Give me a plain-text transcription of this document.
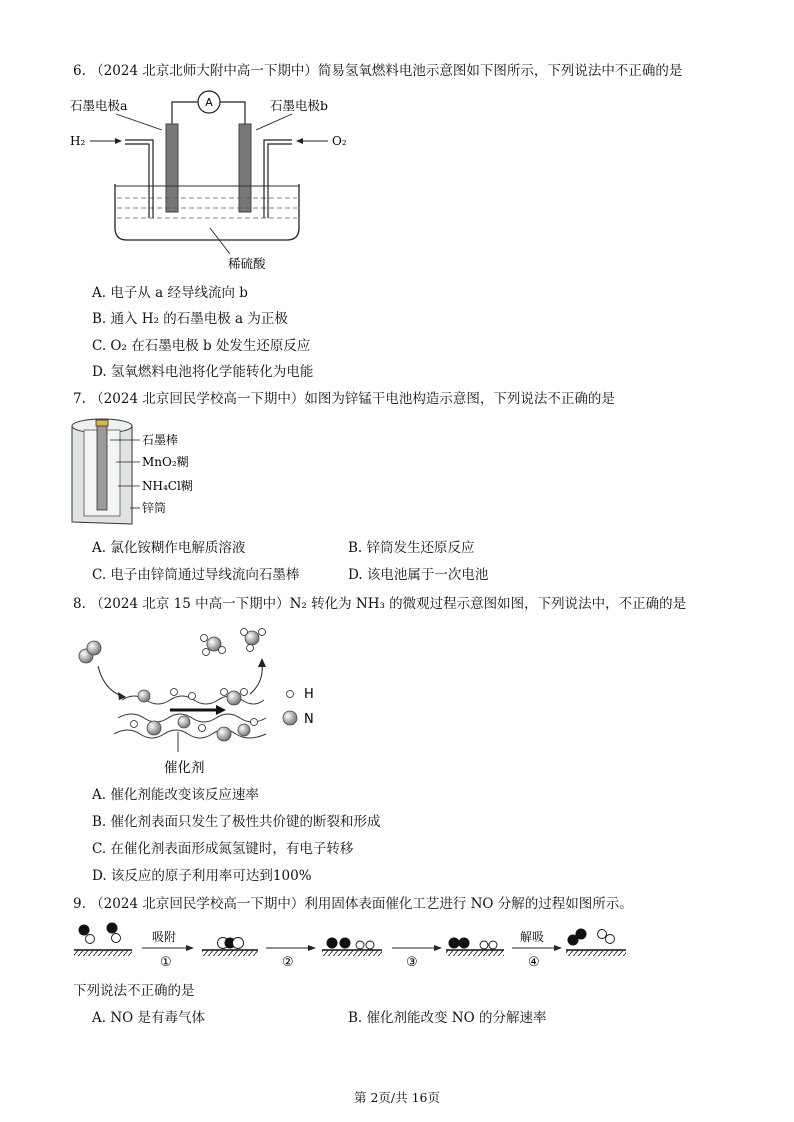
6. （2024 北京北师大附中高一下期中）简易氢氧燃料电池示意图如下图所示，下列说法中不正确的是
A
H₂	O₂
石墨电极a	石墨电极b
稀硫酸
A. 电子从 a 经导线流向 b
B. 通入 H₂ 的石墨电极 a 为正极
C. O₂ 在石墨电极 b 处发生还原反应
D. 氢氧燃料电池将化学能转化为电能
7. （2024 北京回民学校高一下期中）如图为锌锰干电池构造示意图，下列说法不正确的是
石墨棒
MnO₂糊
NH₄Cl糊
锌筒
A. 氯化铵糊作电解质溶液	B. 锌筒发生还原反应
C. 电子由锌筒通过导线流向石墨棒	D. 该电池属于一次电池
8. （2024 北京 15 中高一下期中）N₂ 转化为 NH₃ 的微观过程示意图如图，下列说法中，不正确的是
催化剂
H
N
A. 催化剂能改变该反应速率
B. 催化剂表面只发生了极性共价键的断裂和形成
C. 在催化剂表面形成氮氢键时，有电子转移
D. 该反应的原子利用率可达到100%
9. （2024 北京回民学校高一下期中）利用固体表面催化工艺进行 NO 分解的过程如图所示。
吸附
①	②	③
解吸
④
下列说法不正确的是
A. NO 是有毒气体	B. 催化剂能改变 NO 的分解速率
第 2页/共 16页
